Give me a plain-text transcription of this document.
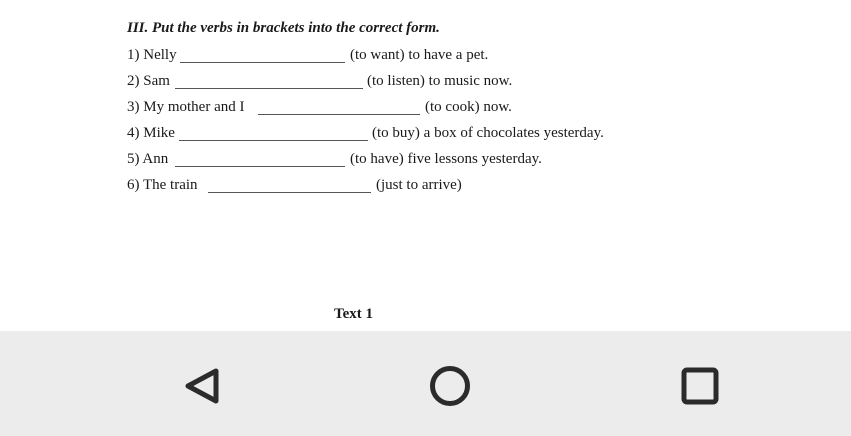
III. Put the verbs in brackets into the correct form.
1) Nelly	(to want) to have a pet.
2) Sam	(to listen) to music now.
3) My mother and I	(to cook) now.
4) Mike	(to buy) a box of chocolates yesterday.
5) Ann	(to have) five lessons yesterday.
6) The train	(just to arrive)
Text 1
